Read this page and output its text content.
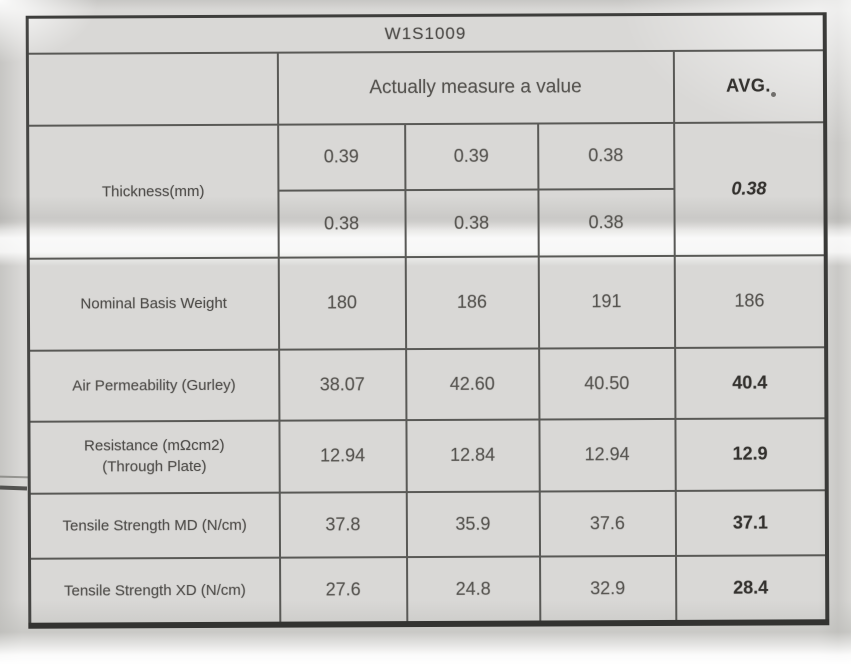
W1S1009				
	Actually measure a value			AVG.
Thickness(mm)	0.39	0.39	0.38	0.38
	0.38	0.38	0.38	
Nominal Basis Weight	180	186	191	186
Air Permeability (Gurley)	38.07	42.60	40.50	40.4

Resistance (mΩcm2)
(Through Plate)	12.94	12.84	12.94	12.9
Tensile Strength MD (N/cm)	37.8	35.9	37.6	37.1
Tensile Strength XD (N/cm)	27.6	24.8	32.9	28.4
